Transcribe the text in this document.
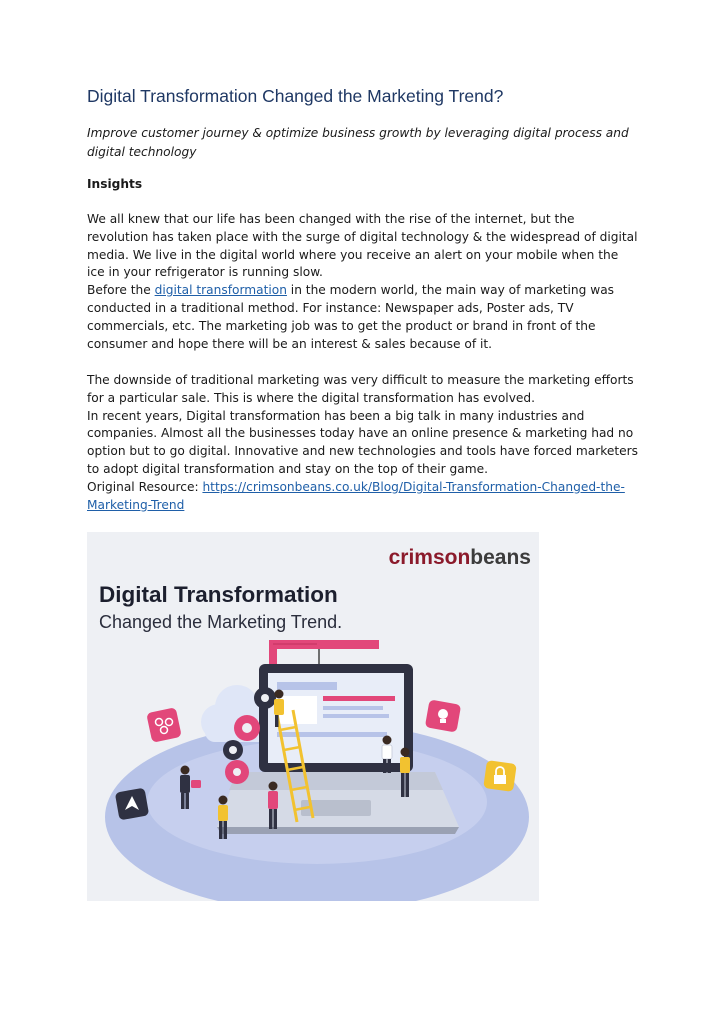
Digital Transformation Changed the Marketing Trend?
Improve customer journey & optimize business growth by leveraging digital process and digital technology
Insights

We all knew that our life has been changed with the rise of the internet, but the revolution has taken place with the surge of digital technology & the widespread of digital media. We live in the digital world where you receive an alert on your mobile when the ice in your refrigerator is running slow.

Before the digital transformation in the modern world, the main way of marketing was conducted in a traditional method. For instance: Newspaper ads, Poster ads, TV commercials, etc. The marketing job was to get the product or brand in front of the consumer and hope there will be an interest & sales because of it.

The downside of traditional marketing was very difficult to measure the marketing efforts for a particular sale. This is where the digital transformation has evolved.

In recent years, Digital transformation has been a big talk in many industries and companies. Almost all the businesses today have an online presence & marketing had no option but to go digital. Innovative and new technologies and tools have forced marketers to adopt digital transformation and stay on the top of their game.

Original Resource: https://crimsonbeans.co.uk/Blog/Digital-Transformation-Changed-the-Marketing-Trend

crimsonbeans
Digital Transformation
Changed the Marketing Trend.
